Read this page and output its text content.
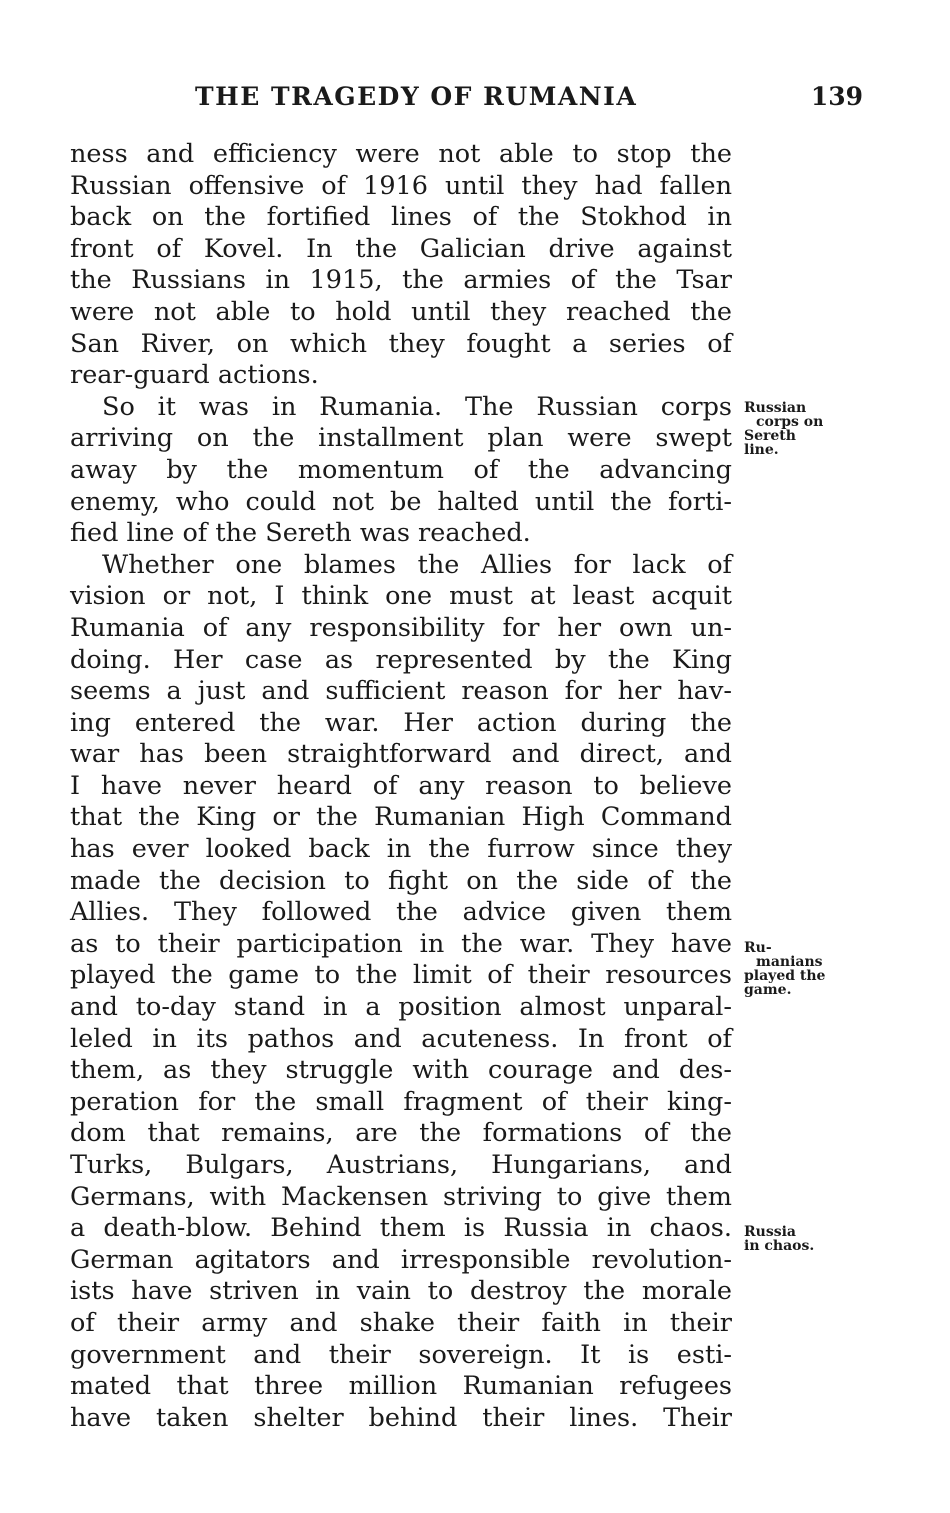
THE TRAGEDY OF RUMANIA	139
ness and efficiency were not able to stop the
Russian offensive of 1916 until they had fallen
back on the fortified lines of the Stokhod in
front of Kovel. In the Galician drive against
the Russians in 1915, the armies of the Tsar
were not able to hold until they reached the
San River, on which they fought a series of
rear-guard actions.
So it was in Rumania. The Russian corps
arriving on the installment plan were swept
away by the momentum of the advancing
enemy, who could not be halted until the forti-
fied line of the Sereth was reached.
Whether one blames the Allies for lack of
vision or not, I think one must at least acquit
Rumania of any responsibility for her own un-
doing. Her case as represented by the King
seems a just and sufficient reason for her hav-
ing entered the war. Her action during the
war has been straightforward and direct, and
I have never heard of any reason to believe
that the King or the Rumanian High Command
has ever looked back in the furrow since they
made the decision to fight on the side of the
Allies. They followed the advice given them
as to their participation in the war. They have
played the game to the limit of their resources
and to-day stand in a position almost unparal-
leled in its pathos and acuteness. In front of
them, as they struggle with courage and des-
peration for the small fragment of their king-
dom that remains, are the formations of the
Turks, Bulgars, Austrians, Hungarians, and
Germans, with Mackensen striving to give them
a death-blow. Behind them is Russia in chaos.
German agitators and irresponsible revolution-
ists have striven in vain to destroy the morale
of their army and shake their faith in their
government and their sovereign. It is esti-
mated that three million Rumanian refugees
have taken shelter behind their lines. Their
Russian
corps on
Sereth
line.
Ru-
manians
played the
game.
Russia
in chaos.
